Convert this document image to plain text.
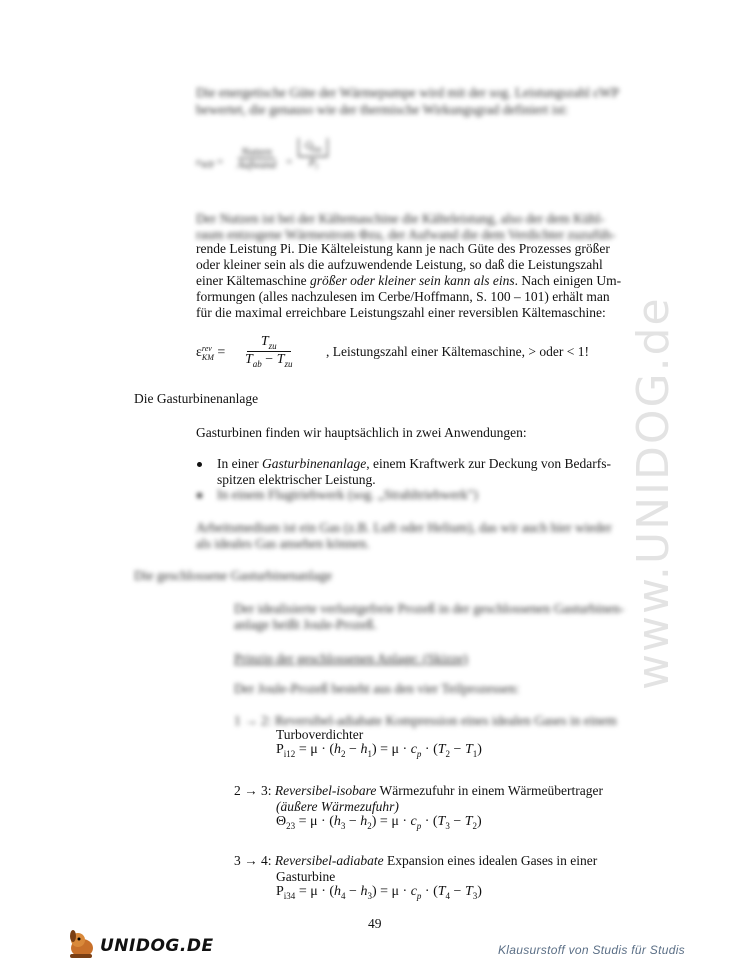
Die energetische Güte der Wärmepumpe wird mit der sog. Leistungszahl εWP
bewertet, die genauso wie der thermische Wirkungsgrad definiert ist:
$\varepsilon_{WP}$ =
Nutzen
Aufwand = $\frac{Q̇_{zu}}{P_i}$
Der Nutzen ist bei der Kältemaschine die Kälteleistung, also der dem Kühl-
raum entzogene Wärmestrom Φzu, der Aufwand die dem Verdichter zuzufüh-
rende Leistung Pi. Die Kälteleistung kann je nach Güte des Prozesses größer
oder kleiner sein als die aufzuwendende Leistung, so daß die Leistungszahl
einer Kältemaschine größer oder kleiner sein kann als eins. Nach einigen Um-
formungen (alles nachzulesen im Cerbe/Hoffmann, S. 100 – 101) erhält man
für die maximal erreichbare Leistungszahl einer reversiblen Kältemaschine:
εrev
KM =
$T_{zu}$
$T_{ab} - T_{zu}$
, Leistungszahl einer Kältemaschine, > oder < 1!
Die Gasturbinenanlage
Gasturbinen finden wir hauptsächlich in zwei Anwendungen:
In einer Gasturbinenanlage, einem Kraftwerk zur Deckung von Bedarfs-
spitzen elektrischer Leistung.
In einem Flugtriebwerk (sog. „Strahltriebwerk")
Arbeitsmedium ist ein Gas (z.B. Luft oder Helium), das wir auch hier wieder
als ideales Gas ansehen können.
Die geschlossene Gasturbinenanlage
Der idealisierte verlustgefreie Prozeß in der geschlossenen Gasturbinen-
anlage heißt Joule-Prozeß.
Prinzip der geschlossenen Anlage: (Skizze)
Der Joule-Prozeß besteht aus den vier Teilprozessen:
1 → 2: Reversibel-adiabate Kompression eines idealen Gases in einem
Turboverdichter
$P_{i12} = \mu \cdot (h_2 - h_1) = \mu \cdot c_p \cdot (T_2 - T_1)$
2 → 3: Reversibel-isobare Wärmezufuhr in einem Wärmeübertrager
(äußere Wärmezufuhr)
$\Theta_{23} = \mu \cdot (h_3 - h_2) = \mu \cdot c_p \cdot (T_3 - T_2)$
3 → 4: Reversibel-adiabate Expansion eines idealen Gases in einer
Gasturbine
$P_{i34} = \mu \cdot (h_4 - h_3) = \mu \cdot c_p \cdot (T_4 - T_3)$
49
www.UNIDOG.de
UNIDOG.DE	Klausurstoff von Studis für Studis
